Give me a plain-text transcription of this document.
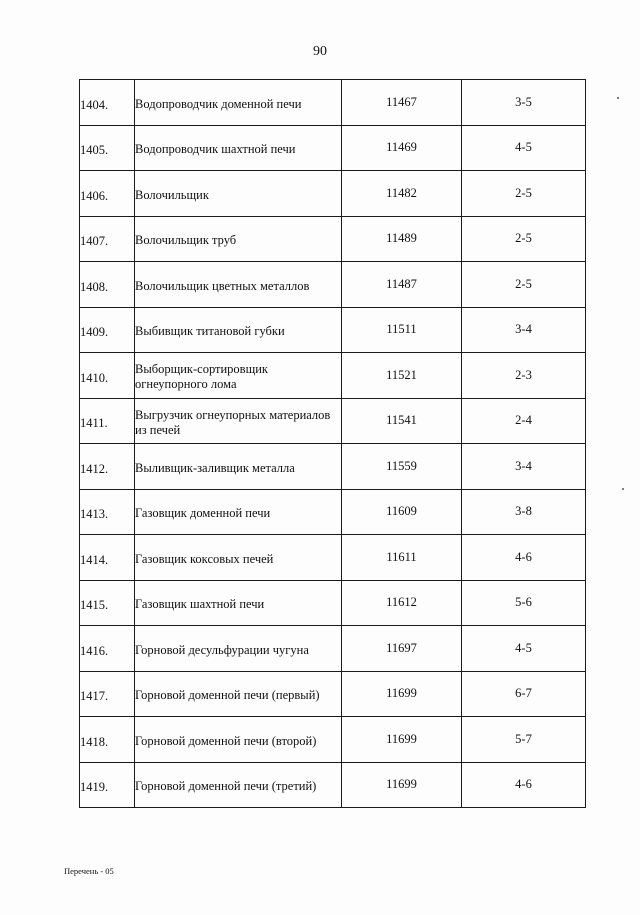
90
1404.	Водопроводчик доменной печи	11467	3-5
1405.	Водопроводчик шахтной печи	11469	4-5
1406.	Волочильщик	11482	2-5
1407.	Волочильщик труб	11489	2-5
1408.	Волочильщик цветных металлов	11487	2-5
1409.	Выбивщик титановой губки	11511	3-4
1410.	Выборщик-сортировщик огнеупорного лома	11521	2-3
1411.	Выгрузчик огнеупорных материалов из печей	11541	2-4
1412.	Выливщик-заливщик металла	11559	3-4
1413.	Газовщик доменной печи	11609	3-8
1414.	Газовщик коксовых печей	11611	4-6
1415.	Газовщик шахтной печи	11612	5-6
1416.	Горновой десульфурации чугуна	11697	4-5
1417.	Горновой доменной печи (первый)	11699	6-7
1418.	Горновой доменной печи (второй)	11699	5-7
1419.	Горновой доменной печи (третий)	11699	4-6
Перечень - 05
